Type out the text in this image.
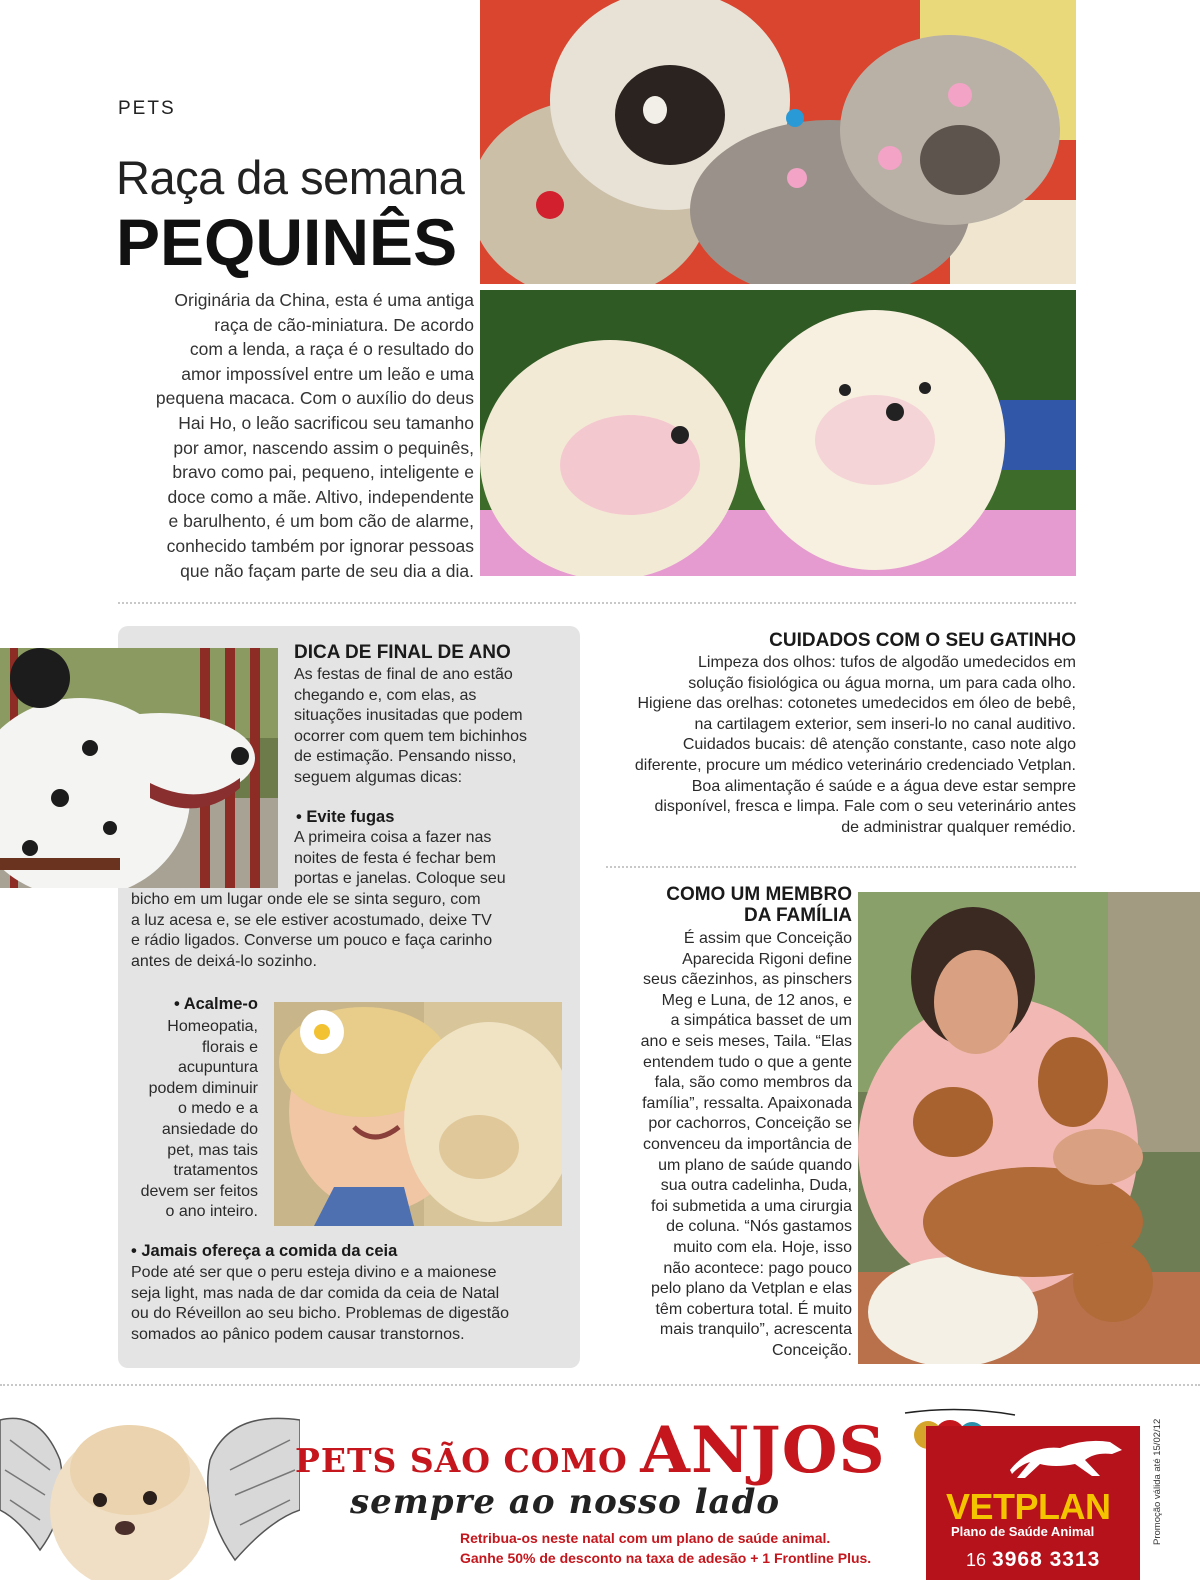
PETS
Raça da semana
PEQUINÊS
Originária da China, esta é uma antiga
raça de cão-miniatura. De acordo
com a lenda, a raça é o resultado do
amor impossível entre um leão e uma
pequena macaca. Com o auxílio do deus
Hai Ho, o leão sacrificou seu tamanho
por amor, nascendo assim o pequinês,
bravo como pai, pequeno, inteligente e
doce como a mãe. Altivo, independente
e barulhento, é um bom cão de alarme,
conhecido também por ignorar pessoas
que não façam parte de seu dia a dia.
DICA DE FINAL DE ANO
As festas de final de ano estão
chegando e, com elas, as
situações inusitadas que podem
ocorrer com quem tem bichinhos
de estimação. Pensando nisso,
seguem algumas dicas:
• Evite fugas
A primeira coisa a fazer nas
noites de festa é fechar bem
portas e janelas. Coloque seu
bicho em um lugar onde ele se sinta seguro, com
a luz acesa e, se ele estiver acostumado, deixe TV
e rádio ligados. Converse um pouco e faça carinho
antes de deixá-lo sozinho.
• Acalme-o
Homeopatia,
florais e
acupuntura
podem diminuir
o medo e a
ansiedade do
pet, mas tais
tratamentos
devem ser feitos
o ano inteiro.
• Jamais ofereça a comida da ceia
Pode até ser que o peru esteja divino e a maionese
seja light, mas nada de dar comida da ceia de Natal
ou do Réveillon ao seu bicho. Problemas de digestão
somados ao pânico podem causar transtornos.
CUIDADOS COM O SEU GATINHO
Limpeza dos olhos: tufos de algodão umedecidos em
solução fisiológica ou água morna, um para cada olho.
Higiene das orelhas: cotonetes umedecidos em óleo de bebê,
na cartilagem exterior, sem inseri-lo no canal auditivo.
Cuidados bucais: dê atenção constante, caso note algo
diferente, procure um médico veterinário credenciado Vetplan.
Boa alimentação é saúde e a água deve estar sempre
disponível, fresca e limpa. Fale com o seu veterinário antes
de administrar qualquer remédio.
COMO UM MEMBRO
DA FAMÍLIA
É assim que Conceição
Aparecida Rigoni define
seus cãezinhos, as pinschers
Meg e Luna, de 12 anos, e
a simpática basset de um
ano e seis meses, Taila. “Elas
entendem tudo o que a gente
fala, são como membros da
família”, ressalta. Apaixonada
por cachorros, Conceição se
convenceu da importância de
um plano de saúde quando
sua outra cadelinha, Duda,
foi submetida a uma cirurgia
de coluna. “Nós gastamos
muito com ela. Hoje, isso
não acontece: pago pouco
pelo plano da Vetplan e elas
têm cobertura total. É muito
mais tranquilo”, acrescenta
Conceição.
PETS SÃO COMO ANJOS
sempre ao nosso lado
Retribua-os neste natal com um plano de saúde animal.
Ganhe 50% de desconto na taxa de adesão + 1 Frontline Plus.
VETPLAN
Plano de Saúde Animal
16 3968 3313
Promoção válida até 15/02/12
